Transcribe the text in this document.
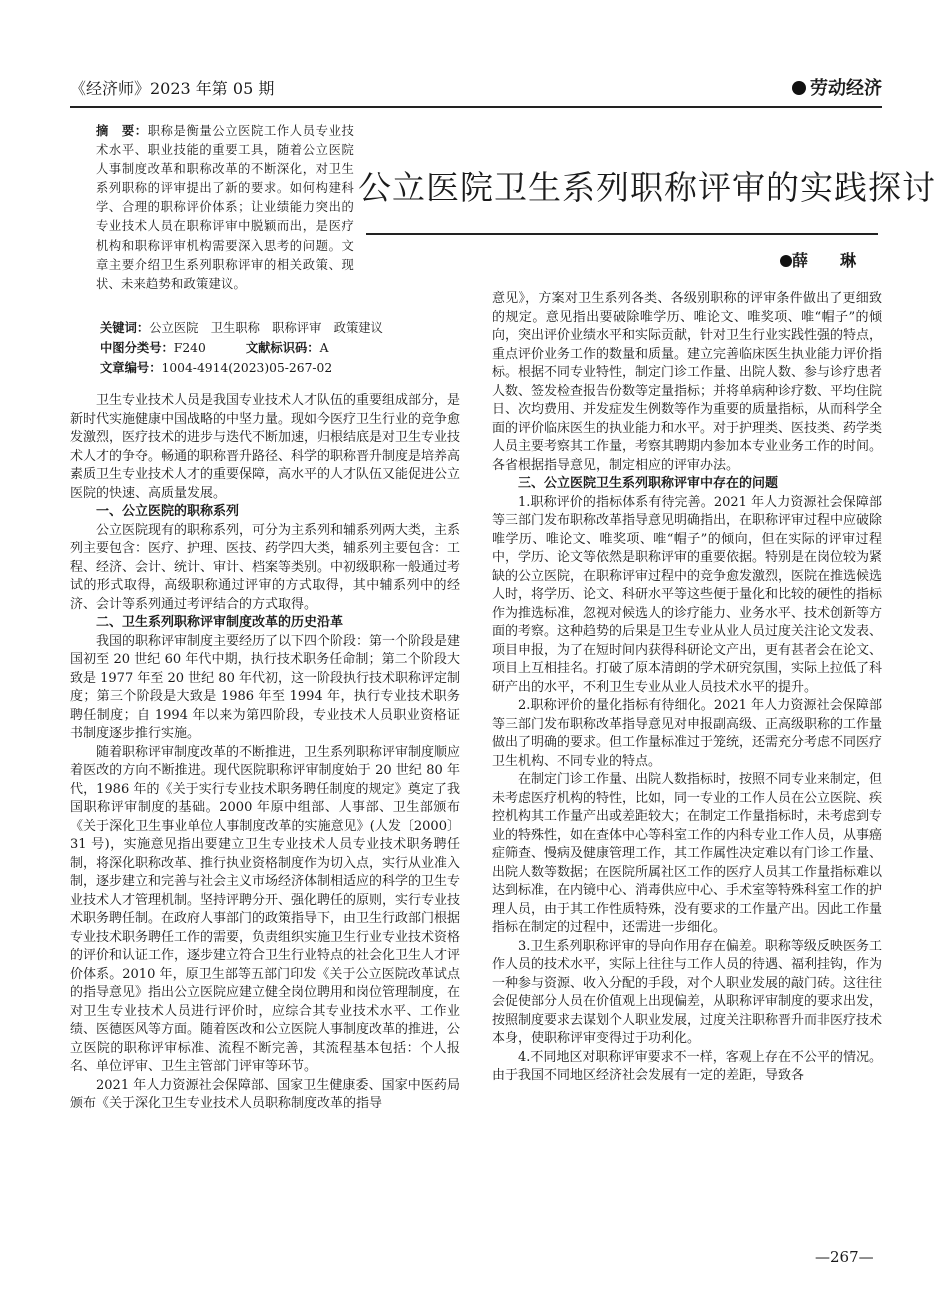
《经济师》2023 年第 05 期	劳动经济
摘　要：职称是衡量公立医院工作人员专业技术水平、职业技能的重要工具，随着公立医院人事制度改革和职称改革的不断深化，对卫生系列职称的评审提出了新的要求。如何构建科学、合理的职称评价体系；让业绩能力突出的专业技术人员在职称评审中脱颖而出，是医疗机构和职称评审机构需要深入思考的问题。文章主要介绍卫生系列职称评审的相关政策、现状、未来趋势和政策建议。
关键词：公立医院　卫生职称　职称评审　政策建议
中图分类号：F240	文献标识码：A
文章编号：1004-4914(2023)05-267-02
公立医院卫生系列职称评审的实践探讨
薛　琳

卫生专业技术人员是我国专业技术人才队伍的重要组成部分，是新时代实施健康中国战略的中坚力量。现如今医疗卫生行业的竞争愈发激烈，医疗技术的进步与迭代不断加速，归根结底是对卫生专业技术人才的争夺。畅通的职称晋升路径、科学的职称晋升制度是培养高素质卫生专业技术人才的重要保障，高水平的人才队伍又能促进公立医院的快速、高质量发展。

一、公立医院的职称系列

公立医院现有的职称系列，可分为主系列和辅系列两大类，主系列主要包含：医疗、护理、医技、药学四大类，辅系列主要包含：工程、经济、会计、统计、审计、档案等类别。中初级职称一般通过考试的形式取得，高级职称通过评审的方式取得，其中辅系列中的经济、会计等系列通过考评结合的方式取得。

二、卫生系列职称评审制度改革的历史沿革

我国的职称评审制度主要经历了以下四个阶段：第一个阶段是建国初至 20 世纪 60 年代中期，执行技术职务任命制；第二个阶段大致是 1977 年至 20 世纪 80 年代初，这一阶段执行技术职称评定制度；第三个阶段是大致是 1986 年至 1994 年，执行专业技术职务聘任制度；自 1994 年以来为第四阶段，专业技术人员职业资格证书制度逐步推行实施。

随着职称评审制度改革的不断推进，卫生系列职称评审制度顺应着医改的方向不断推进。现代医院职称评审制度始于 20 世纪 80 年代，1986 年的《关于实行专业技术职务聘任制度的规定》奠定了我国职称评审制度的基础。2000 年原中组部、人事部、卫生部颁布《关于深化卫生事业单位人事制度改革的实施意见》(人发〔2000〕31 号)，实施意见指出要建立卫生专业技术人员专业技术职务聘任制，将深化职称改革、推行执业资格制度作为切入点，实行从业准入制，逐步建立和完善与社会主义市场经济体制相适应的科学的卫生专业技术人才管理机制。坚持评聘分开、强化聘任的原则，实行专业技术职务聘任制。在政府人事部门的政策指导下，由卫生行政部门根据专业技术职务聘任工作的需要，负责组织实施卫生行业专业技术资格的评价和认证工作，逐步建立符合卫生行业特点的社会化卫生人才评价体系。2010 年，原卫生部等五部门印发《关于公立医院改革试点的指导意见》指出公立医院应建立健全岗位聘用和岗位管理制度，在对卫生专业技术人员进行评价时，应综合其专业技术水平、工作业绩、医德医风等方面。随着医改和公立医院人事制度改革的推进，公立医院的职称评审标准、流程不断完善，其流程基本包括：个人报名、单位评审、卫生主管部门评审等环节。

2021 年人力资源社会保障部、国家卫生健康委、国家中医药局颁布《关于深化卫生专业技术人员职称制度改革的指导

意见》，方案对卫生系列各类、各级别职称的评审条件做出了更细致的规定。意见指出要破除唯学历、唯论文、唯奖项、唯“帽子”的倾向，突出评价业绩水平和实际贡献，针对卫生行业实践性强的特点，重点评价业务工作的数量和质量。建立完善临床医生执业能力评价指标。根据不同专业特性，制定门诊工作量、出院人数、参与诊疗患者人数、签发检查报告份数等定量指标；并将单病种诊疗数、平均住院日、次均费用、并发症发生例数等作为重要的质量指标，从而科学全面的评价临床医生的执业能力和水平。对于护理类、医技类、药学类人员主要考察其工作量，考察其聘期内参加本专业业务工作的时间。各省根据指导意见，制定相应的评审办法。

三、公立医院卫生系列职称评审中存在的问题

1.职称评价的指标体系有待完善。2021 年人力资源社会保障部等三部门发布职称改革指导意见明确指出，在职称评审过程中应破除唯学历、唯论文、唯奖项、唯“帽子”的倾向，但在实际的评审过程中，学历、论文等依然是职称评审的重要依据。特别是在岗位较为紧缺的公立医院，在职称评审过程中的竞争愈发激烈，医院在推选候选人时，将学历、论文、科研水平等这些便于量化和比较的硬性的指标作为推选标准，忽视对候选人的诊疗能力、业务水平、技术创新等方面的考察。这种趋势的后果是卫生专业从业人员过度关注论文发表、项目申报，为了在短时间内获得科研论文产出，更有甚者会在论文、项目上互相挂名。打破了原本清朗的学术研究氛围，实际上拉低了科研产出的水平，不利卫生专业从业人员技术水平的提升。

2.职称评价的量化指标有待细化。2021 年人力资源社会保障部等三部门发布职称改革指导意见对申报副高级、正高级职称的工作量做出了明确的要求。但工作量标准过于笼统，还需充分考虑不同医疗卫生机构、不同专业的特点。

在制定门诊工作量、出院人数指标时，按照不同专业来制定，但未考虑医疗机构的特性，比如，同一专业的工作人员在公立医院、疾控机构其工作量产出或差距较大；在制定工作量指标时，未考虑到专业的特殊性，如在查体中心等科室工作的内科专业工作人员，从事癌症筛查、慢病及健康管理工作，其工作属性决定难以有门诊工作量、出院人数等数据；在医院所属社区工作的医疗人员其工作量指标难以达到标准，在内镜中心、消毒供应中心、手术室等特殊科室工作的护理人员，由于其工作性质特殊，没有要求的工作量产出。因此工作量指标在制定的过程中，还需进一步细化。

3.卫生系列职称评审的导向作用存在偏差。职称等级反映医务工作人员的技术水平，实际上往往与工作人员的待遇、福利挂钩，作为一种参与资源、收入分配的手段，对个人职业发展的敲门砖。这往往会促使部分人员在价值观上出现偏差，从职称评审制度的要求出发，按照制度要求去谋划个人职业发展，过度关注职称晋升而非医疗技术本身，使职称评审变得过于功利化。

4.不同地区对职称评审要求不一样，客观上存在不公平的情况。由于我国不同地区经济社会发展有一定的差距，导致各

—267—
